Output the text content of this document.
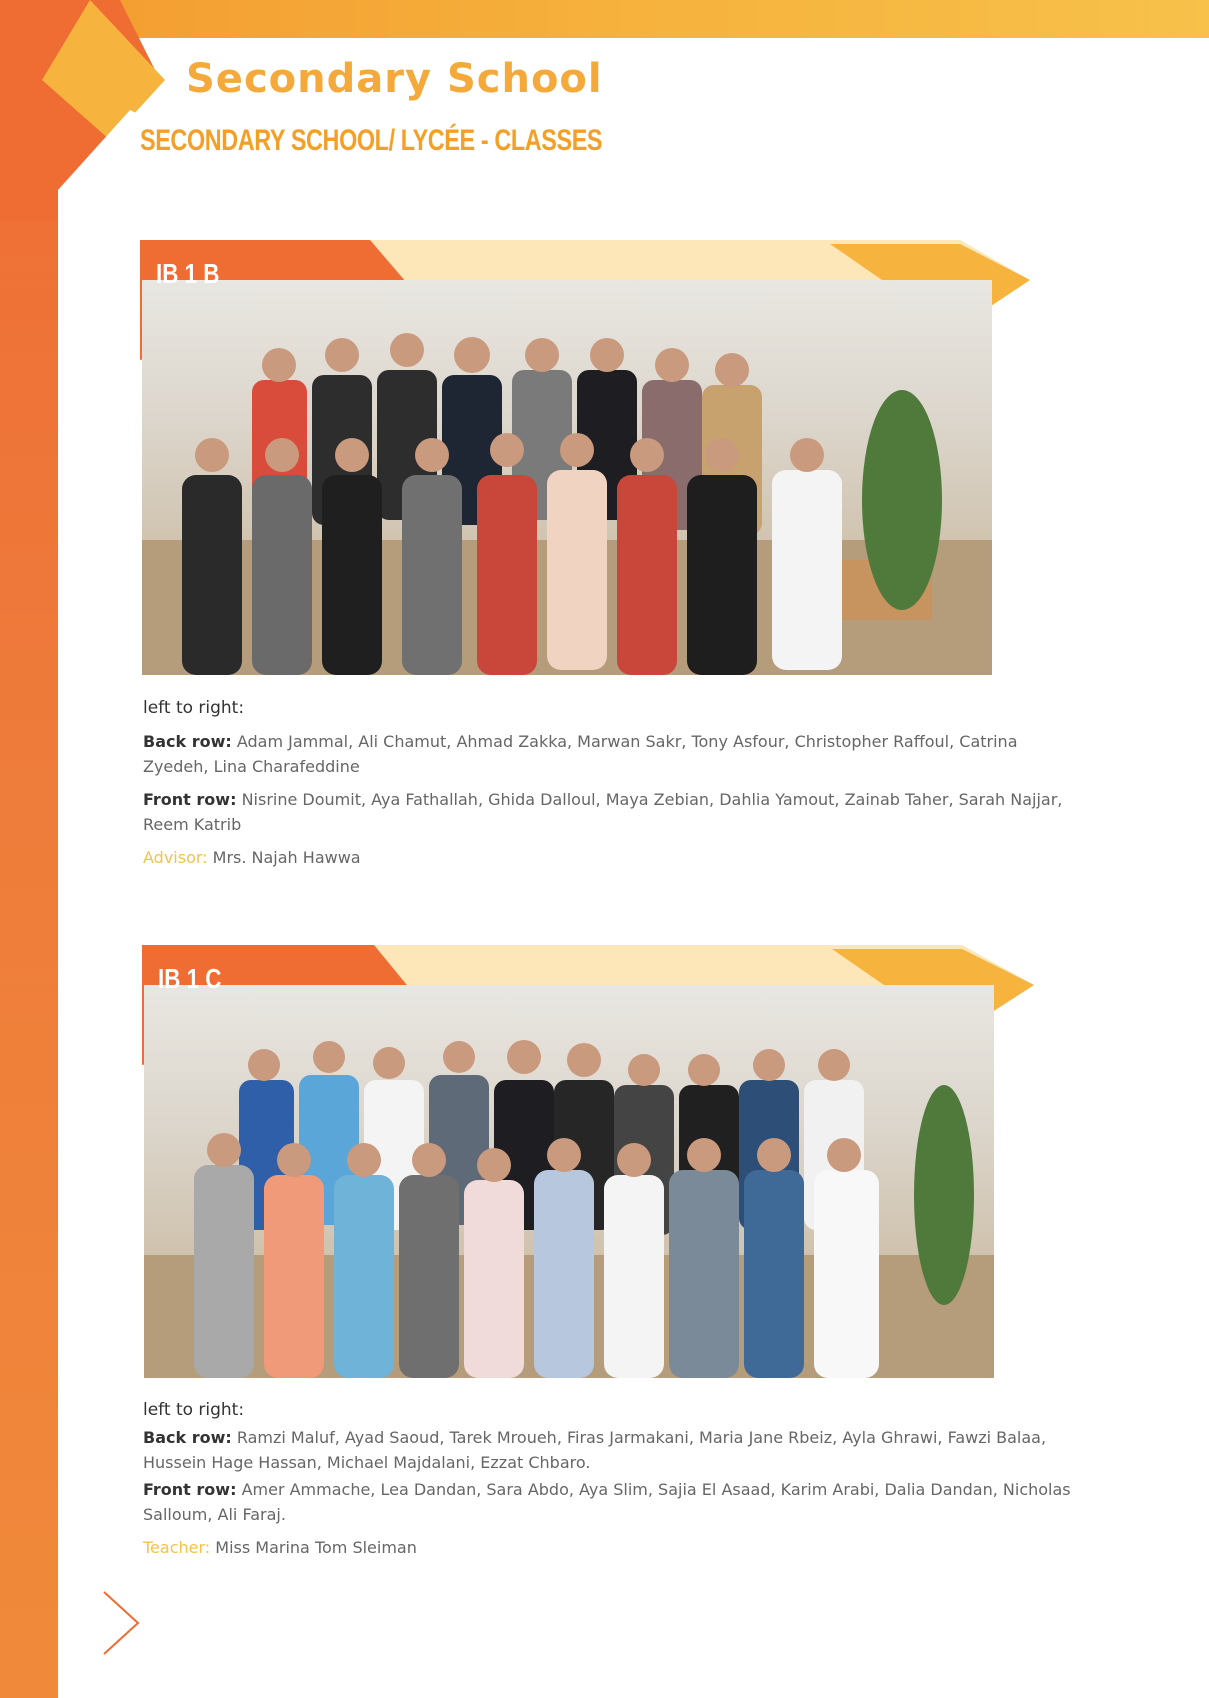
Secondary School
SECONDARY SCHOOL/ LYCÉE - CLASSES
IB 1 B

left to right:

Back row: Adam Jammal, Ali Chamut, Ahmad Zakka, Marwan Sakr, Tony Asfour, Christopher Raffoul, Catrina Zyedeh, Lina Charafeddine

Front row: Nisrine Doumit, Aya Fathallah, Ghida Dalloul, Maya Zebian, Dahlia Yamout, Zainab Taher, Sarah Najjar, Reem Katrib

Advisor: Mrs. Najah Hawwa

IB 1 C

left to right:

Back row: Ramzi Maluf, Ayad Saoud, Tarek Mroueh, Firas Jarmakani, Maria Jane Rbeiz, Ayla Ghrawi, Fawzi Balaa, Hussein Hage Hassan, Michael Majdalani, Ezzat Chbaro.

Front row: Amer Ammache, Lea Dandan, Sara Abdo, Aya Slim, Sajia El Asaad, Karim Arabi, Dalia Dandan, Nicholas Salloum, Ali Faraj.

Teacher: Miss Marina Tom Sleiman

262
